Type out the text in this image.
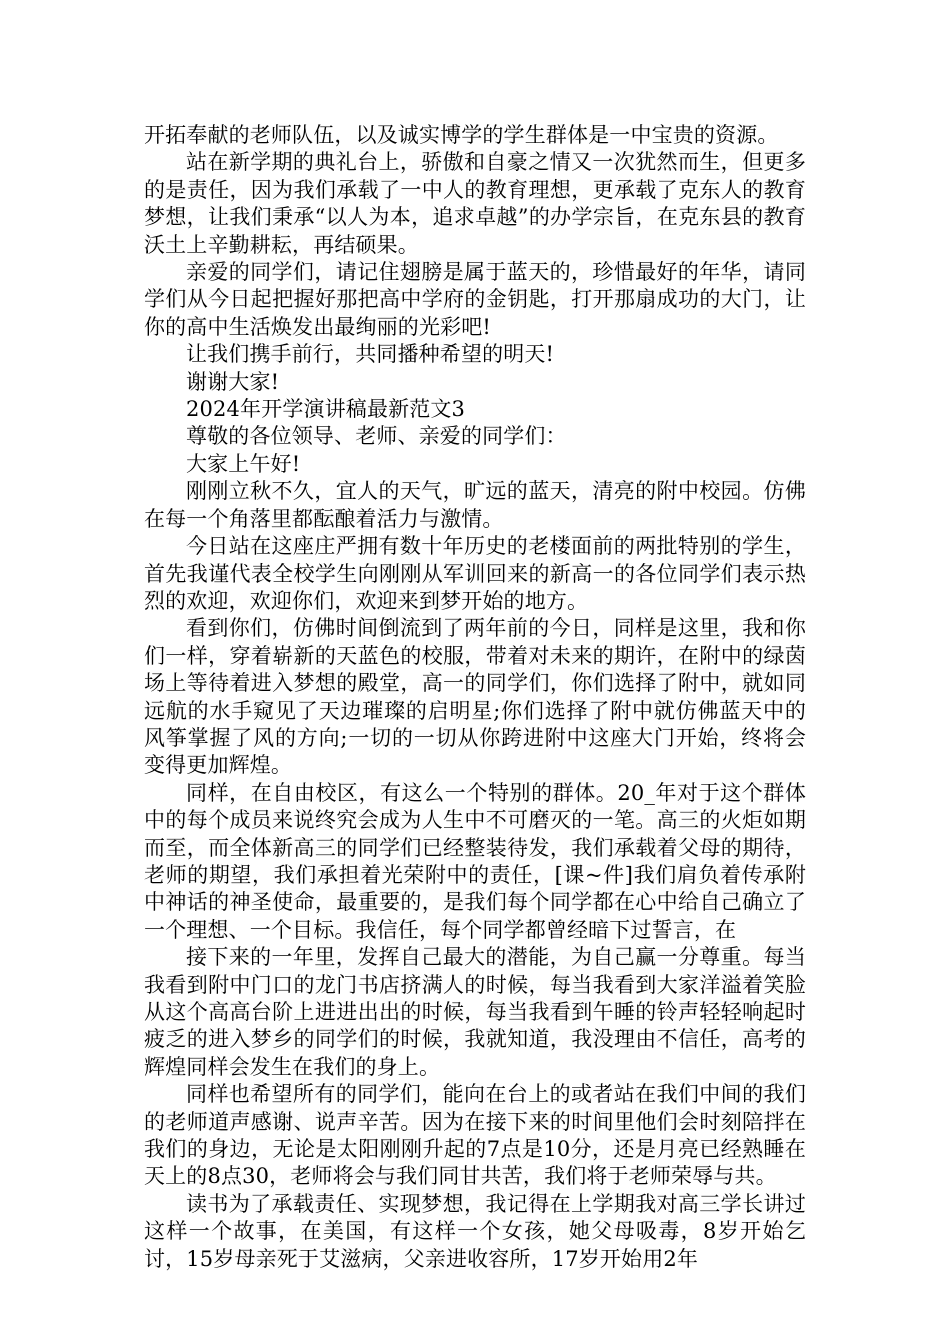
开拓奉献的老师队伍，以及诚实博学的学生群体是一中宝贵的资源。

站在新学期的典礼台上，骄傲和自豪之情又一次犹然而生，但更多的是责任，因为我们承载了一中人的教育理想，更承载了克东人的教育梦想，让我们秉承“以人为本，追求卓越”的办学宗旨，在克东县的教育沃土上辛勤耕耘，再结硕果。

亲爱的同学们，请记住翅膀是属于蓝天的，珍惜最好的年华，请同学们从今日起把握好那把高中学府的金钥匙，打开那扇成功的大门，让你的高中生活焕发出最绚丽的光彩吧!

让我们携手前行，共同播种希望的明天!

谢谢大家!

2024年开学演讲稿最新范文3

尊敬的各位领导、老师、亲爱的同学们：

大家上午好!

刚刚立秋不久，宜人的天气，旷远的蓝天，清亮的附中校园。仿佛在每一个角落里都酝酿着活力与激情。

今日站在这座庄严拥有数十年历史的老楼面前的两批特别的学生，首先我谨代表全校学生向刚刚从军训回来的新高一的各位同学们表示热烈的欢迎，欢迎你们，欢迎来到梦开始的地方。

看到你们，仿佛时间倒流到了两年前的今日，同样是这里，我和你们一样，穿着崭新的天蓝色的校服，带着对未来的期许，在附中的绿茵场上等待着进入梦想的殿堂，高一的同学们，你们选择了附中，就如同远航的水手窥见了天边璀璨的启明星;你们选择了附中就仿佛蓝天中的风筝掌握了风的方向;一切的一切从你跨进附中这座大门开始，终将会变得更加辉煌。

同样，在自由校区，有这么一个特别的群体。20_年对于这个群体中的每个成员来说终究会成为人生中不可磨灭的一笔。高三的火炬如期而至，而全体新高三的同学们已经整装待发，我们承载着父母的期待，老师的期望，我们承担着光荣附中的责任，[课~件]我们肩负着传承附中神话的神圣使命，最重要的，是我们每个同学都在心中给自己确立了一个理想、一个目标。我信任，每个同学都曾经暗下过誓言，在

接下来的一年里，发挥自己最大的潜能，为自己赢一分尊重。每当我看到附中门口的龙门书店挤满人的时候，每当我看到大家洋溢着笑脸从这个高高台阶上进进出出的时候，每当我看到午睡的铃声轻轻响起时疲乏的进入梦乡的同学们的时候，我就知道，我没理由不信任，高考的辉煌同样会发生在我们的身上。

同样也希望所有的同学们，能向在台上的或者站在我们中间的我们的老师道声感谢、说声辛苦。因为在接下来的时间里他们会时刻陪拌在我们的身边，无论是太阳刚刚升起的7点是10分，还是月亮已经熟睡在天上的8点30，老师将会与我们同甘共苦，我们将于老师荣辱与共。

读书为了承载责任、实现梦想，我记得在上学期我对高三学长讲过这样一个故事，在美国，有这样一个女孩，她父母吸毒，8岁开始乞讨，15岁母亲死于艾滋病，父亲进收容所，17岁开始用2年
